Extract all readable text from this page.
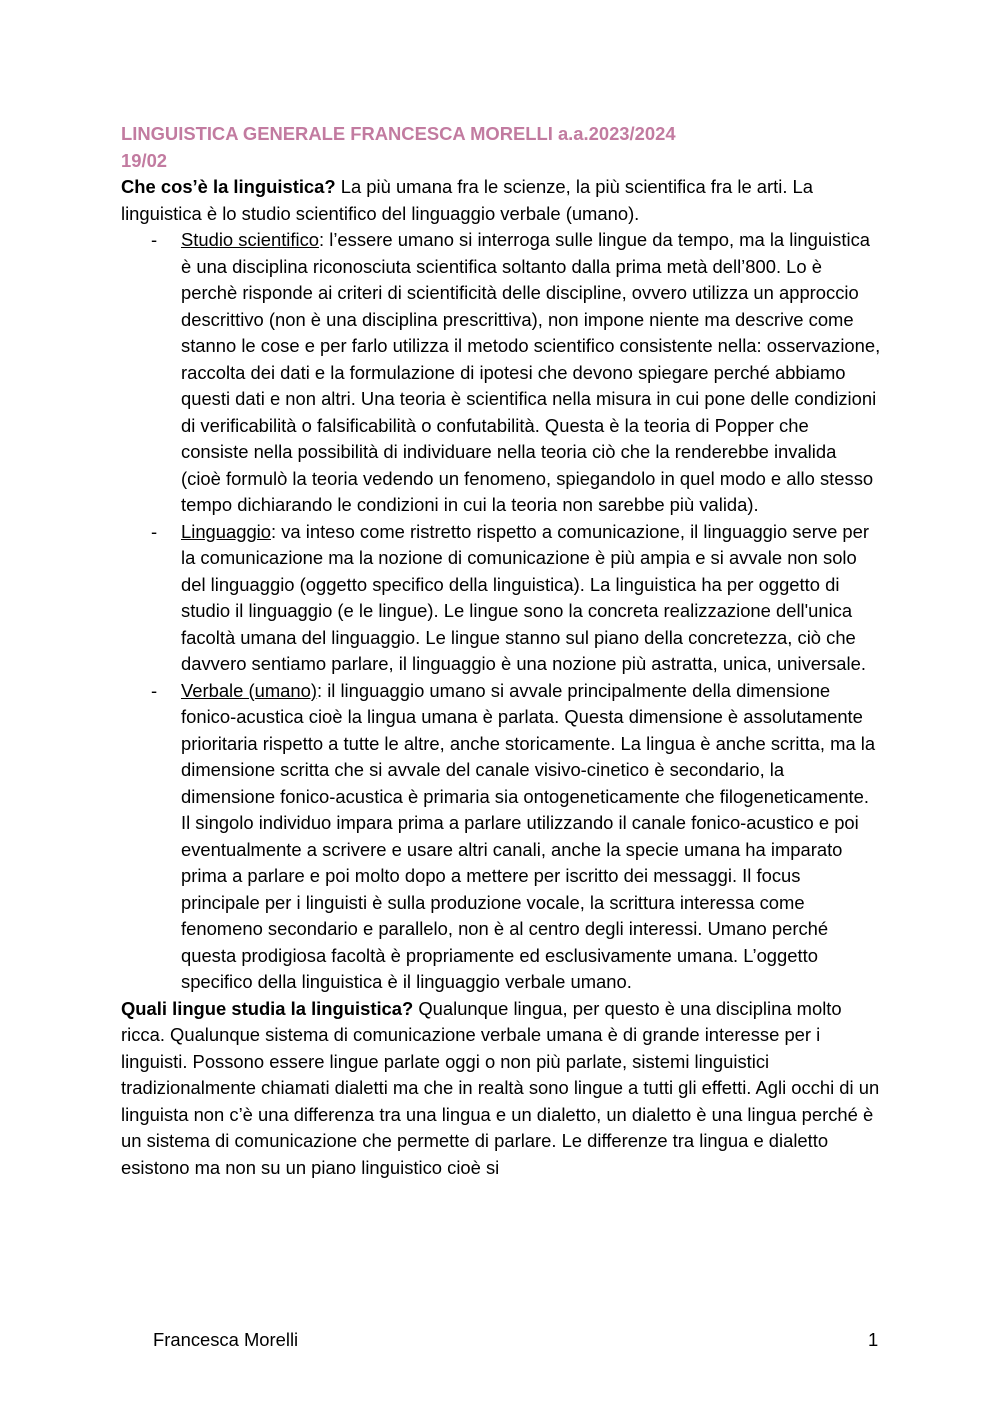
LINGUISTICA GENERALE FRANCESCA MORELLI a.a.2023/2024

19/02

Che cos’è la linguistica? La più umana fra le scienze, la più scientifica fra le arti. La linguistica è lo studio scientifico del linguaggio verbale (umano).

- Studio scientifico: l’essere umano si interroga sulle lingue da tempo, ma la linguistica è una disciplina riconosciuta scientifica soltanto dalla prima metà dell’800. Lo è perchè risponde ai criteri di scientificità delle discipline, ovvero utilizza un approccio descrittivo (non è una disciplina prescrittiva), non impone niente ma descrive come stanno le cose e per farlo utilizza il metodo scientifico consistente nella: osservazione, raccolta dei dati e la formulazione di ipotesi che devono spiegare perché abbiamo questi dati e non altri. Una teoria è scientifica nella misura in cui pone delle condizioni di verificabilità o falsificabilità o confutabilità. Questa è la teoria di Popper che consiste nella possibilità di individuare nella teoria ciò che la renderebbe invalida (cioè formulò la teoria vedendo un fenomeno, spiegandolo in quel modo e allo stesso tempo dichiarando le condizioni in cui la teoria non sarebbe più valida).
- Linguaggio: va inteso come ristretto rispetto a comunicazione, il linguaggio serve per la comunicazione ma la nozione di comunicazione è più ampia e si avvale non solo del linguaggio (oggetto specifico della linguistica). La linguistica ha per oggetto di studio il linguaggio (e le lingue). Le lingue sono la concreta realizzazione dell'unica facoltà umana del linguaggio. Le lingue stanno sul piano della concretezza, ciò che davvero sentiamo parlare, il linguaggio è una nozione più astratta, unica, universale.
- Verbale (umano): il linguaggio umano si avvale principalmente della dimensione fonico-acustica cioè la lingua umana è parlata. Questa dimensione è assolutamente prioritaria rispetto a tutte le altre, anche storicamente. La lingua è anche scritta, ma la dimensione scritta che si avvale del canale visivo-cinetico è secondario, la dimensione fonico-acustica è primaria sia ontogeneticamente che filogeneticamente. Il singolo individuo impara prima a parlare utilizzando il canale fonico-acustico e poi eventualmente a scrivere e usare altri canali, anche la specie umana ha imparato prima a parlare e poi molto dopo a mettere per iscritto dei messaggi. Il focus principale per i linguisti è sulla produzione vocale, la scrittura interessa come fenomeno secondario e parallelo, non è al centro degli interessi. Umano perché questa prodigiosa facoltà è propriamente ed esclusivamente umana. L’oggetto specifico della linguistica è il linguaggio verbale umano.

Quali lingue studia la linguistica? Qualunque lingua, per questo è una disciplina molto ricca. Qualunque sistema di comunicazione verbale umana è di grande interesse per i linguisti. Possono essere lingue parlate oggi o non più parlate, sistemi linguistici tradizionalmente chiamati dialetti ma che in realtà sono lingue a tutti gli effetti. Agli occhi di un linguista non c’è una differenza tra una lingua e un dialetto, un dialetto è una lingua perché è un sistema di comunicazione che permette di parlare. Le differenze tra lingua e dialetto esistono ma non su un piano linguistico cioè si

Francesca Morelli	1
